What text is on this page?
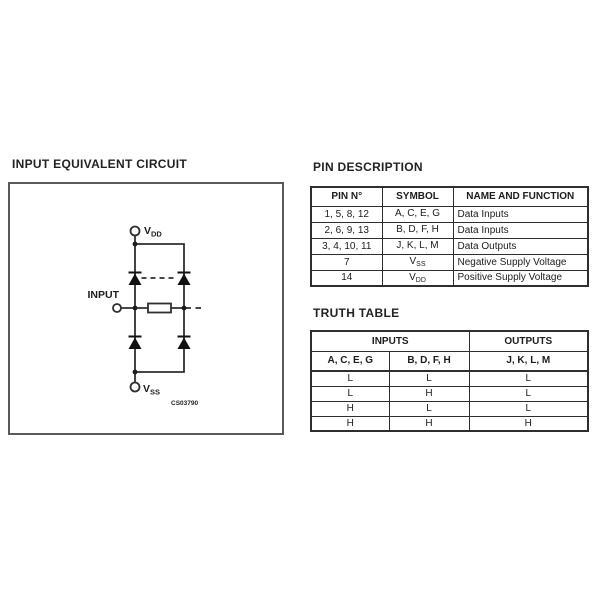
INPUT EQUIVALENT CIRCUIT
$V_{DD}$
$V_{SS}$
INPUT
CS03790
PIN DESCRIPTION
PIN N°	SYMBOL	NAME AND FUNCTION
1, 5, 8, 12	A, C, E, G	Data Inputs
2, 6, 9, 13	B, D, F, H	Data Inputs
3, 4, 10, 11	J, K, L, M	Data Outputs
7	$V_{SS}$	Negative Supply Voltage
14	$V_{DD}$	Positive Supply Voltage
TRUTH TABLE
INPUTS		OUTPUTS
A, C, E, G	B, D, F, H	J, K, L, M
L	L	L
L	H	L
H	L	L
H	H	H
